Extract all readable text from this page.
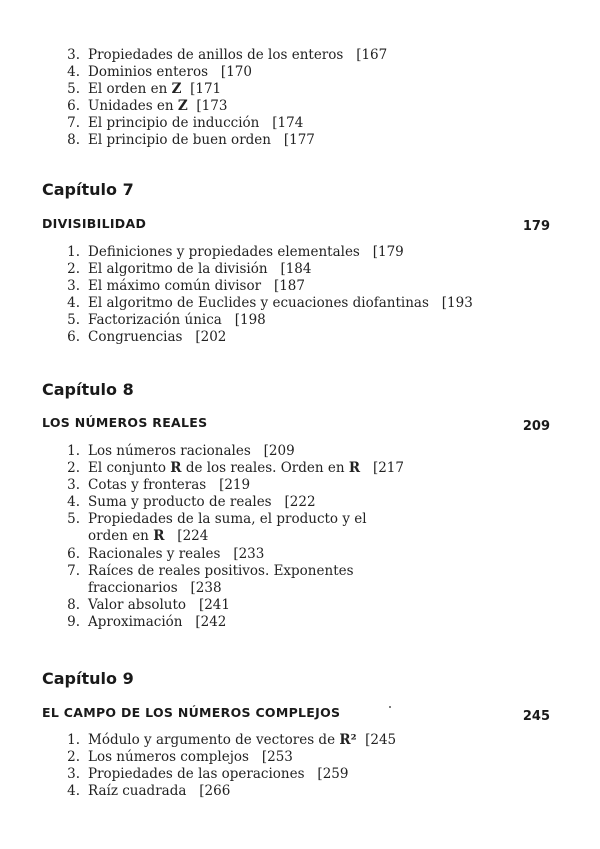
3. Propiedades de anillos de los enteros [167
4. Dominios enteros [170
5. El orden en Z [171
6. Unidades en Z [173
7. El principio de inducción [174
8. El principio de buen orden [177
Capítulo 7
DIVISIBILIDAD	179
1. Definiciones y propiedades elementales [179
2. El algoritmo de la división [184
3. El máximo común divisor [187
4. El algoritmo de Euclides y ecuaciones diofantinas [193
5. Factorización única [198
6. Congruencias [202
Capítulo 8
LOS NÚMEROS REALES	209
1. Los números racionales [209
2. El conjunto R de los reales. Orden en R [217
3. Cotas y fronteras [219
4. Suma y producto de reales [222
5. Propiedades de la suma, el producto y el
orden en R [224
6. Racionales y reales [233
7. Raíces de reales positivos. Exponentes
fraccionarios [238
8. Valor absoluto [241
9. Aproximación [242
Capítulo 9
EL CAMPO DE LOS NÚMEROS COMPLEJOS	245
1. Módulo y argumento de vectores de R² [245
2. Los números complejos [253
3. Propiedades de las operaciones [259
4. Raíz cuadrada [266
